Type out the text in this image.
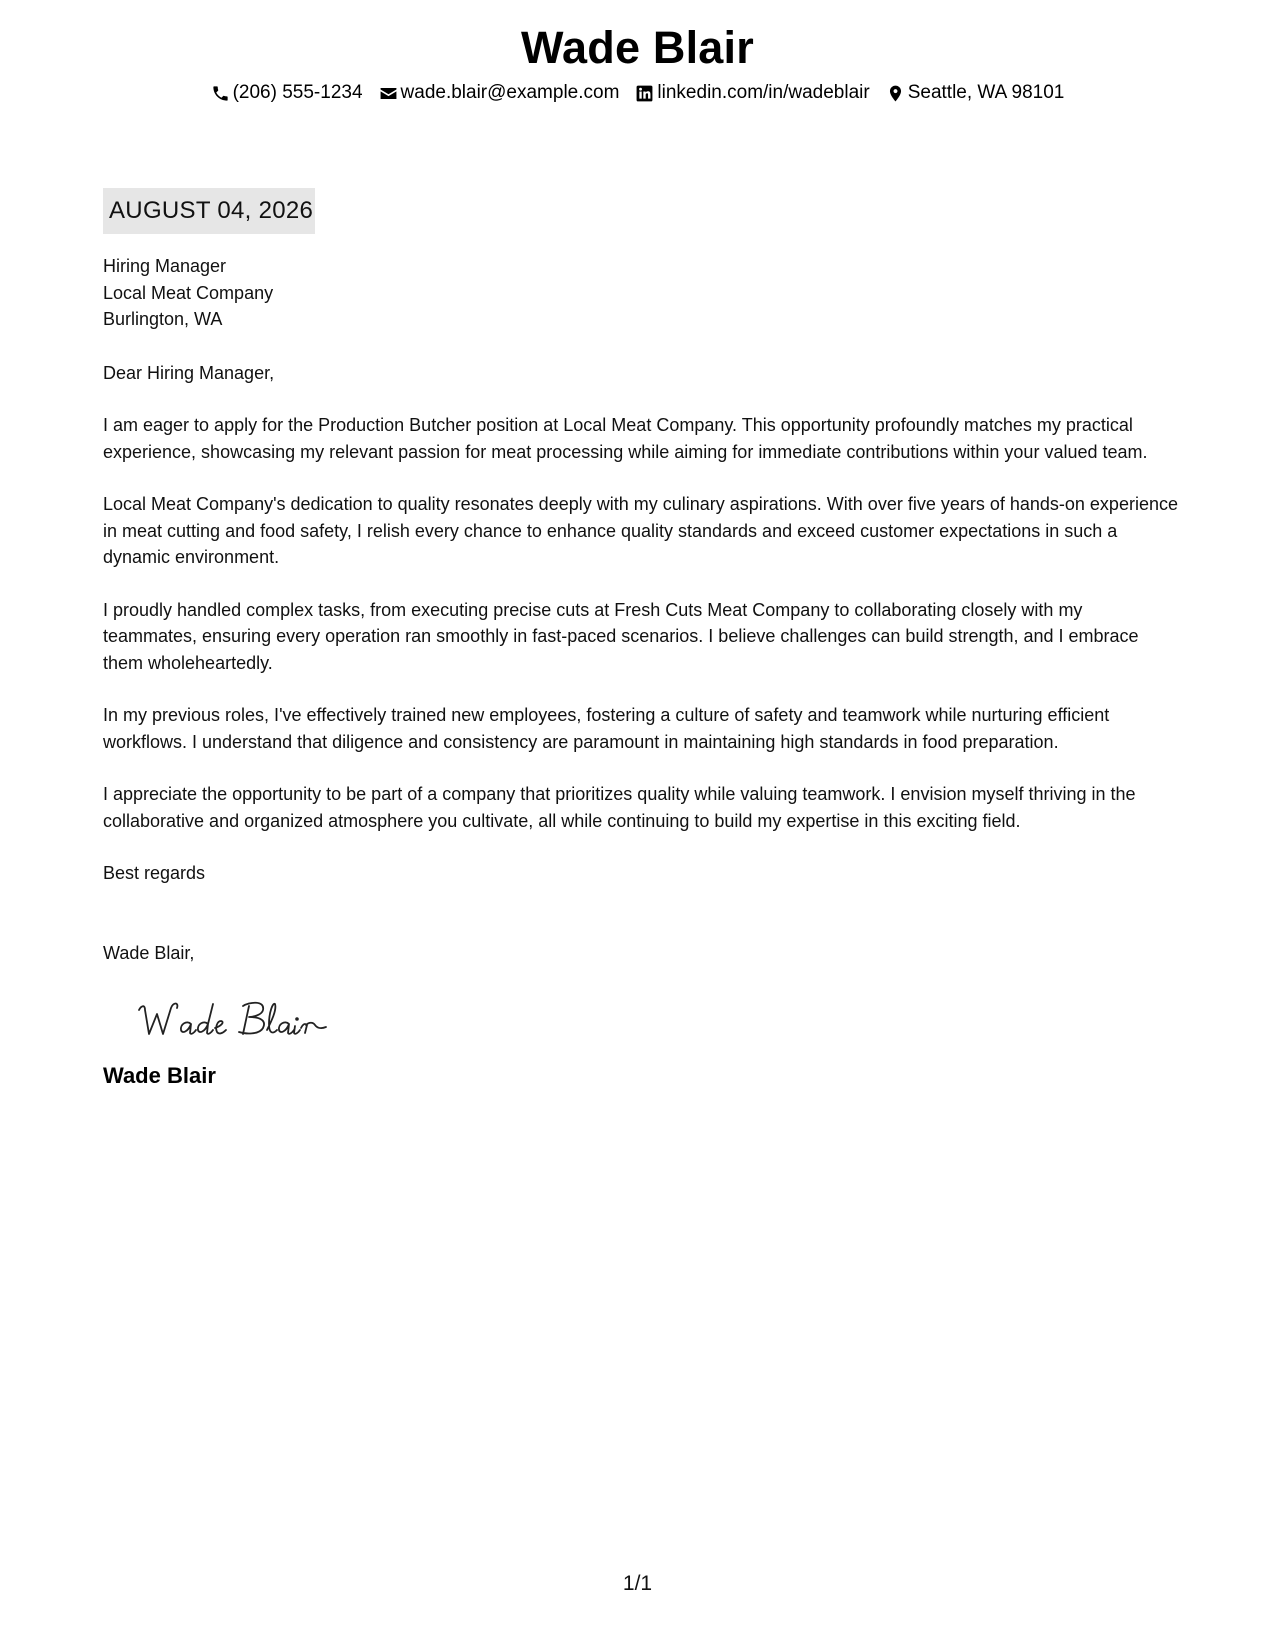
Wade Blair
(206) 555-1234 wade.blair@example.com linkedin.com/in/wadeblair Seattle, WA 98101
AUGUST 04, 2026
Hiring Manager
Local Meat Company
Burlington, WA
Dear Hiring Manager,
I am eager to apply for the Production Butcher position at Local Meat Company. This opportunity profoundly matches my practical experience, showcasing my relevant passion for meat processing while aiming for immediate contributions within your valued team.
Local Meat Company's dedication to quality resonates deeply with my culinary aspirations. With over five years of hands-on experience in meat cutting and food safety, I relish every chance to enhance quality standards and exceed customer expectations in such a dynamic environment.
I proudly handled complex tasks, from executing precise cuts at Fresh Cuts Meat Company to collaborating closely with my teammates, ensuring every operation ran smoothly in fast-paced scenarios. I believe challenges can build strength, and I embrace them wholeheartedly.
In my previous roles, I've effectively trained new employees, fostering a culture of safety and teamwork while nurturing efficient workflows. I understand that diligence and consistency are paramount in maintaining high standards in food preparation.
I appreciate the opportunity to be part of a company that prioritizes quality while valuing teamwork. I envision myself thriving in the collaborative and organized atmosphere you cultivate, all while continuing to build my expertise in this exciting field.
Best regards
Wade Blair,
Wade Blair
1/1
